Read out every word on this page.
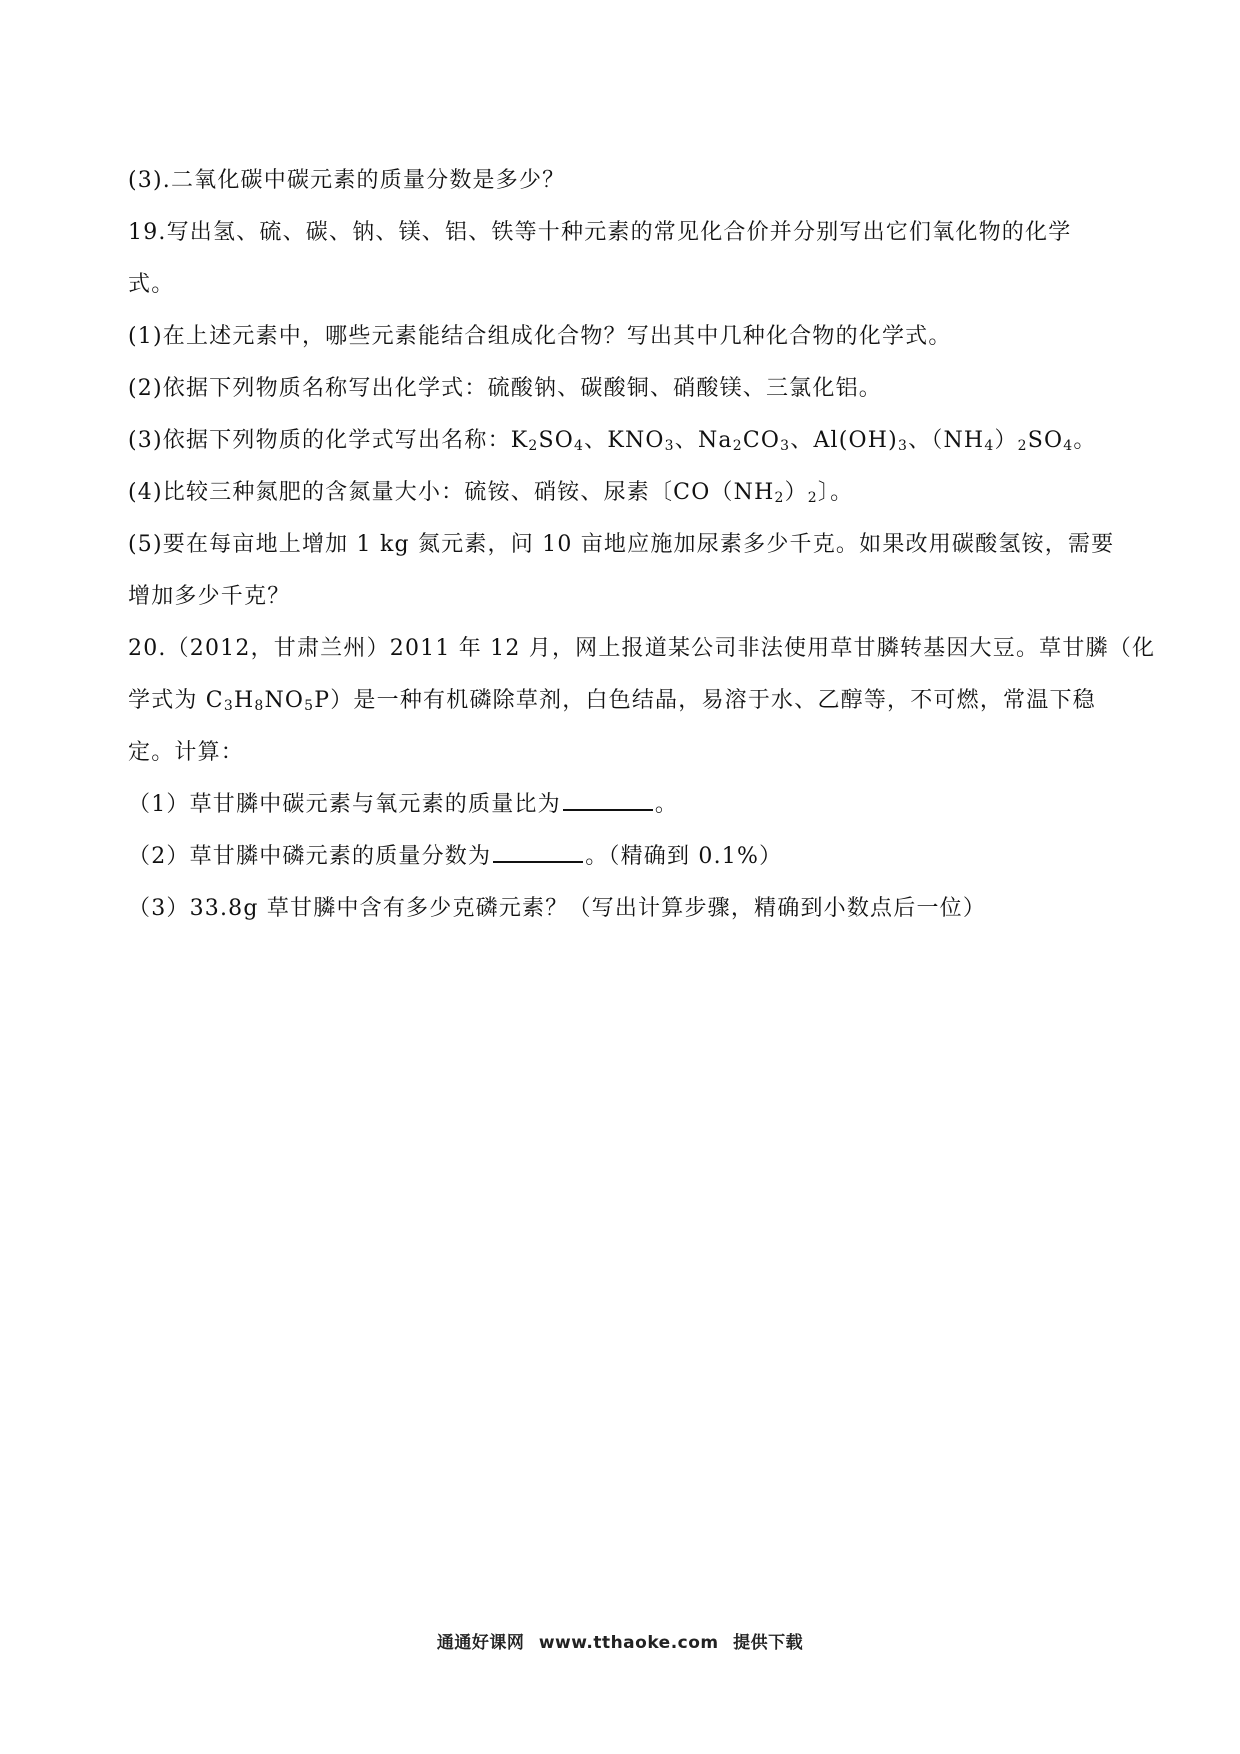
(3).二氧化碳中碳元素的质量分数是多少？
19.写出氢、硫、碳、钠、镁、铝、铁等十种元素的常见化合价并分别写出它们氧化物的化学
式。
(1)在上述元素中，哪些元素能结合组成化合物？写出其中几种化合物的化学式。
(2)依据下列物质名称写出化学式：硫酸钠、碳酸铜、硝酸镁、三氯化铝。
(3)依据下列物质的化学式写出名称：$K_2SO_4$、$KNO_3$、$Na_2CO_3$、$Al(OH)_3$、$(NH_4)_2SO_4$。
(4)比较三种氮肥的含氮量大小：硫铵、硝铵、尿素〔$CO(NH_2)_2$〕。
(5)要在每亩地上增加 1 kg 氮元素，问 10 亩地应施加尿素多少千克。如果改用碳酸氢铵，需要
增加多少千克？
20.（2012，甘肃兰州）2011 年 12 月，网上报道某公司非法使用草甘膦转基因大豆。草甘膦（化
学式为 $C_3H_8NO_5P$）是一种有机磷除草剂，白色结晶，易溶于水、乙醇等，不可燃，常温下稳
定。计算：
（1）草甘膦中碳元素与氧元素的质量比为	。
（2）草甘膦中磷元素的质量分数为	。（精确到 0.1%）
（3）33.8g 草甘膦中含有多少克磷元素？（写出计算步骤，精确到小数点后一位）
通通好课网 www.tthaoke.com 提供下载
